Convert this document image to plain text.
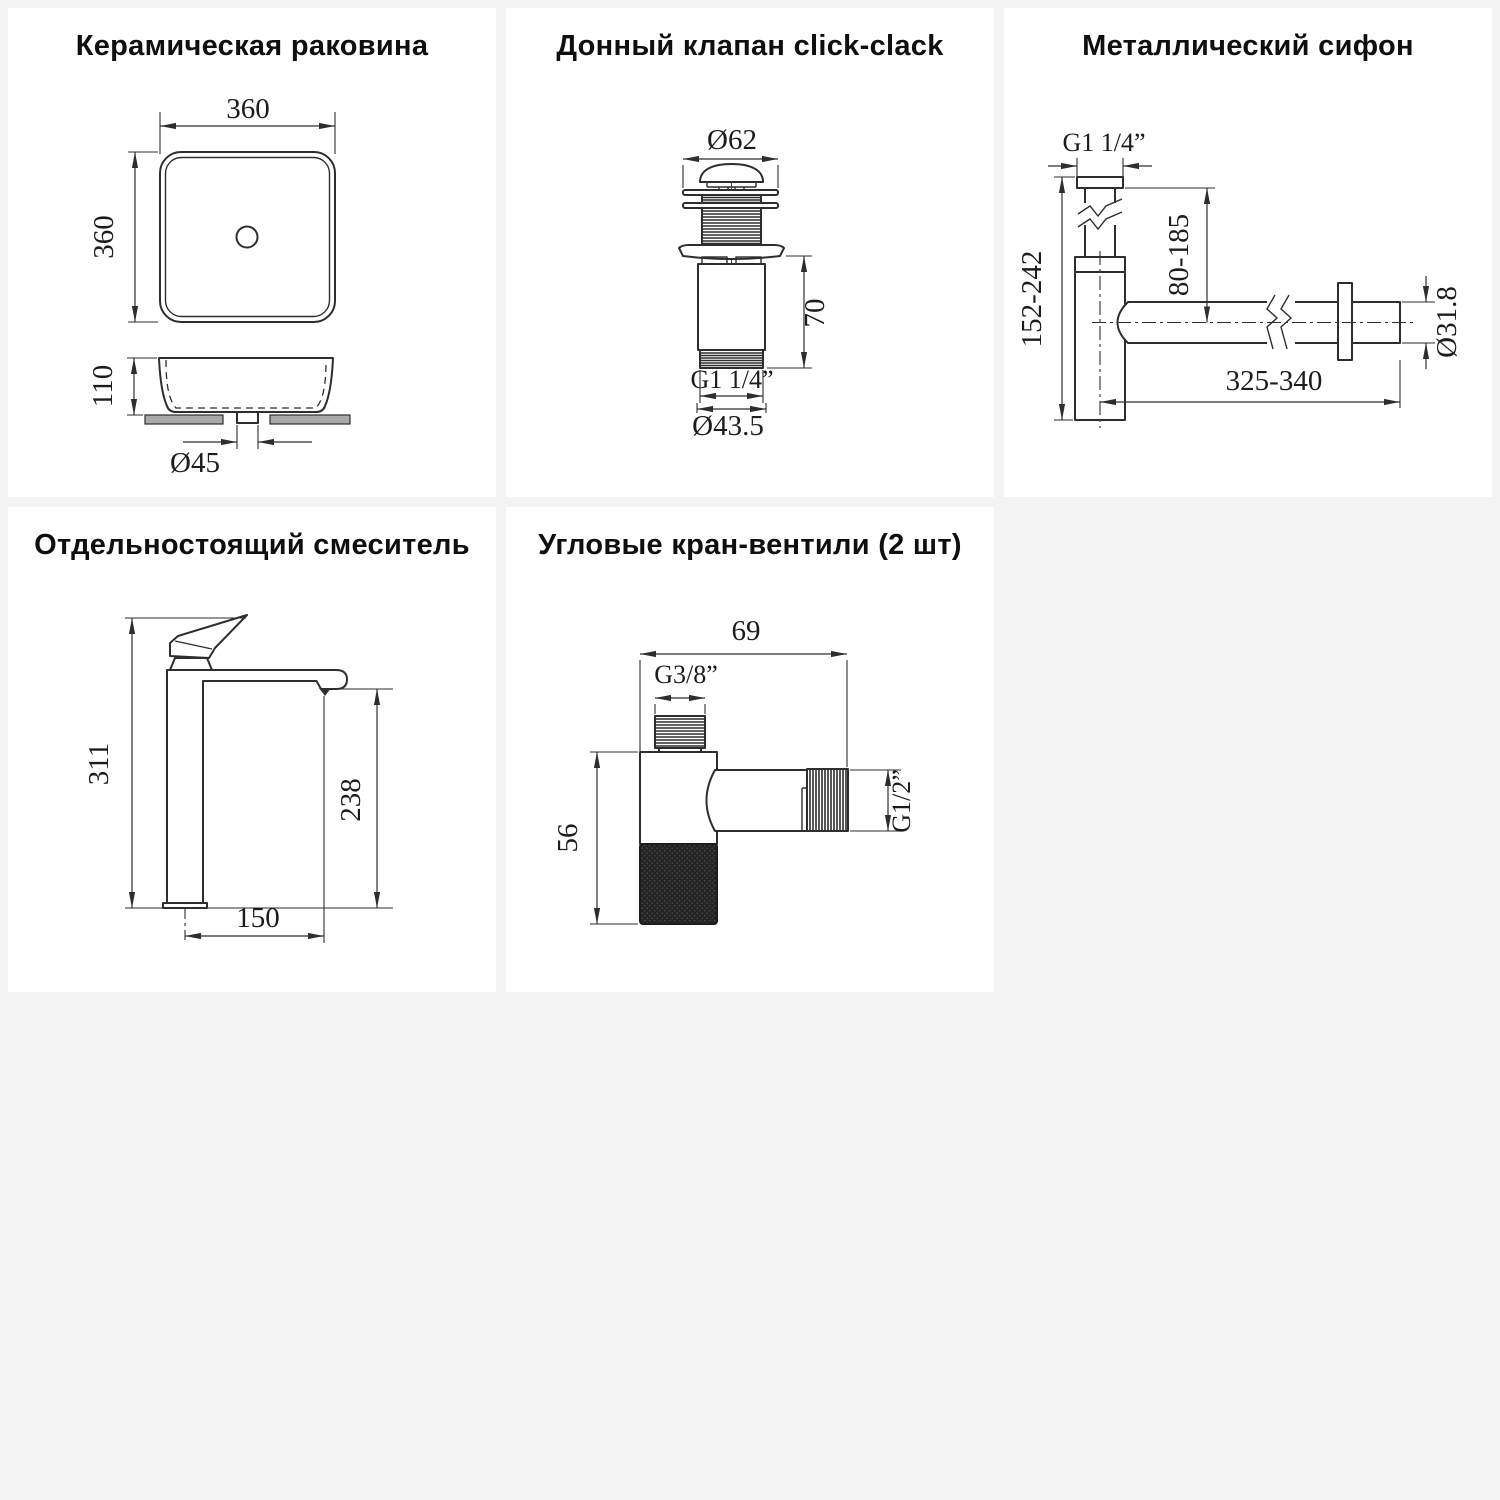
360
360
110
Ø45
Керамическая раковина
Ø62
70
G1 1/4”
Ø43.5
Донный клапан click-clack
G1 1/4”
152-242	80-185
Ø31.8
325-340
Металлический сифон
311
238
150
Отдельностоящий смеситель
69
G3/8”
56
G1/2”
Угловые кран-вентили (2 шт)
